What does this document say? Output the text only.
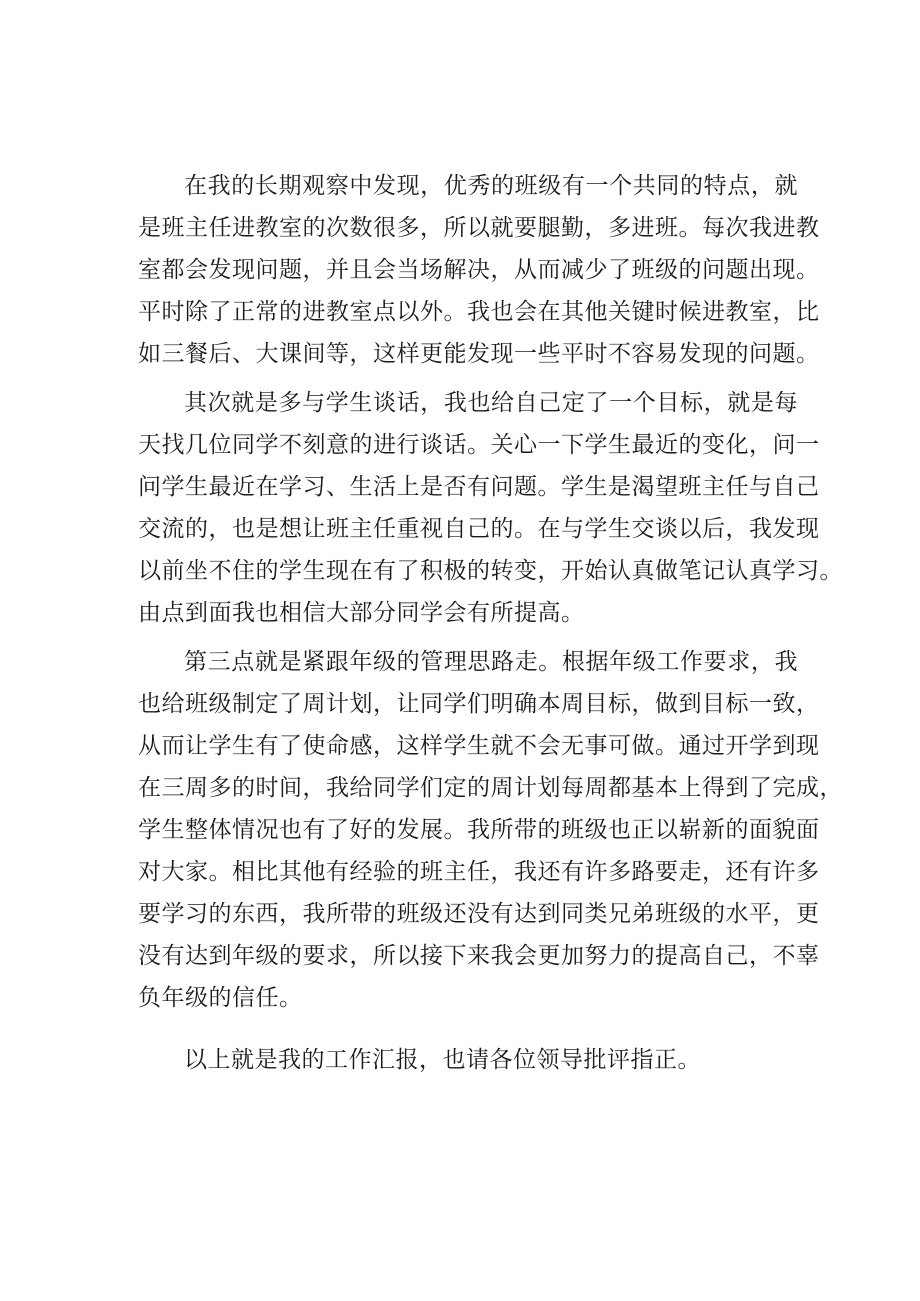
在我的长期观察中发现，优秀的班级有一个共同的特点，就
是班主任进教室的次数很多，所以就要腿勤，多进班。每次我进教
室都会发现问题，并且会当场解决，从而减少了班级的问题出现。
平时除了正常的进教室点以外。我也会在其他关键时候进教室，比
如三餐后、大课间等，这样更能发现一些平时不容易发现的问题。
其次就是多与学生谈话，我也给自己定了一个目标，就是每
天找几位同学不刻意的进行谈话。关心一下学生最近的变化，问一
问学生最近在学习、生活上是否有问题。学生是渴望班主任与自己
交流的，也是想让班主任重视自己的。在与学生交谈以后，我发现
以前坐不住的学生现在有了积极的转变，开始认真做笔记认真学习。
由点到面我也相信大部分同学会有所提高。
第三点就是紧跟年级的管理思路走。根据年级工作要求，我
也给班级制定了周计划，让同学们明确本周目标，做到目标一致，
从而让学生有了使命感，这样学生就不会无事可做。通过开学到现
在三周多的时间，我给同学们定的周计划每周都基本上得到了完成，
学生整体情况也有了好的发展。我所带的班级也正以崭新的面貌面
对大家。相比其他有经验的班主任，我还有许多路要走，还有许多
要学习的东西，我所带的班级还没有达到同类兄弟班级的水平，更
没有达到年级的要求，所以接下来我会更加努力的提高自己，不辜
负年级的信任。
以上就是我的工作汇报，也请各位领导批评指正。
